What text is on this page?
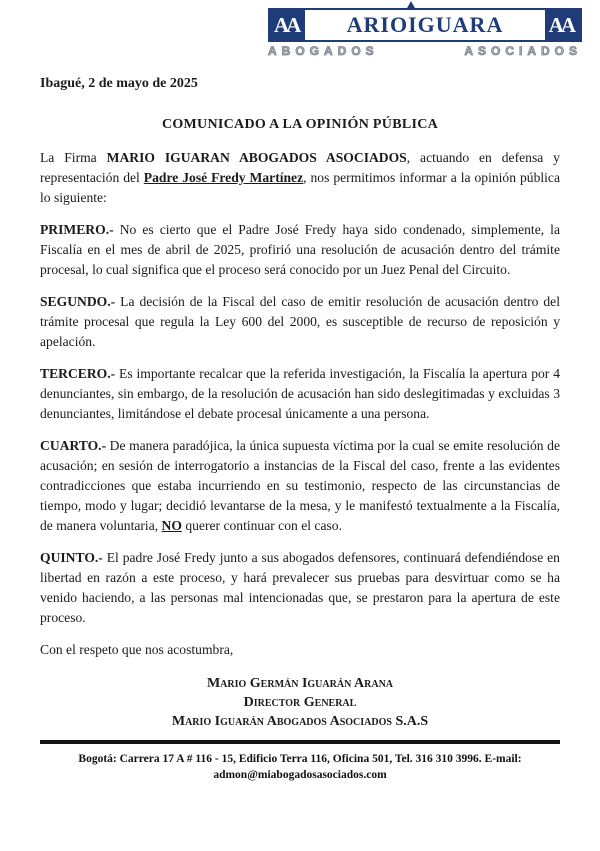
AA	ARIOIGUARA	AA
ABOGADOS	ASOCIADOS
Ibagué, 2 de mayo de 2025
COMUNICADO A LA OPINIÓN PÚBLICA

La Firma MARIO IGUARAN ABOGADOS ASOCIADOS, actuando en defensa y representación del Padre José Fredy Martínez, nos permitimos informar a la opinión pública lo siguiente:

PRIMERO.- No es cierto que el Padre José Fredy haya sido condenado, simplemente, la Fiscalía en el mes de abril de 2025, profirió una resolución de acusación dentro del trámite procesal, lo cual significa que el proceso será conocido por un Juez Penal del Circuito.

SEGUNDO.- La decisión de la Fiscal del caso de emitir resolución de acusación dentro del trámite procesal que regula la Ley 600 del 2000, es susceptible de recurso de reposición y apelación.

TERCERO.- Es importante recalcar que la referida investigación, la Fiscalía la apertura por 4 denunciantes, sin embargo, de la resolución de acusación han sido deslegitimadas y excluidas 3 denunciantes, limitándose el debate procesal únicamente a una persona.

CUARTO.- De manera paradójica, la única supuesta víctima por la cual se emite resolución de acusación; en sesión de interrogatorio a instancias de la Fiscal del caso, frente a las evidentes contradicciones que estaba incurriendo en su testimonio, respecto de las circunstancias de tiempo, modo y lugar; decidió levantarse de la mesa, y le manifestó textualmente a la Fiscalía, de manera voluntaria, NO querer continuar con el caso.

QUINTO.- El padre José Fredy junto a sus abogados defensores, continuará defendiéndose en libertad en razón a este proceso, y hará prevalecer sus pruebas para desvirtuar como se ha venido haciendo, a las personas mal intencionadas que, se prestaron para la apertura de este proceso.

Con el respeto que nos acostumbra,

Mario Germán Iguarán Arana
Director General
Mario Iguarán Abogados Asociados S.A.S
Bogotá: Carrera 17 A # 116 - 15, Edificio Terra 116, Oficina 501, Tel. 316 310 3996. E-mail:
admon@miabogadosasociados.com
